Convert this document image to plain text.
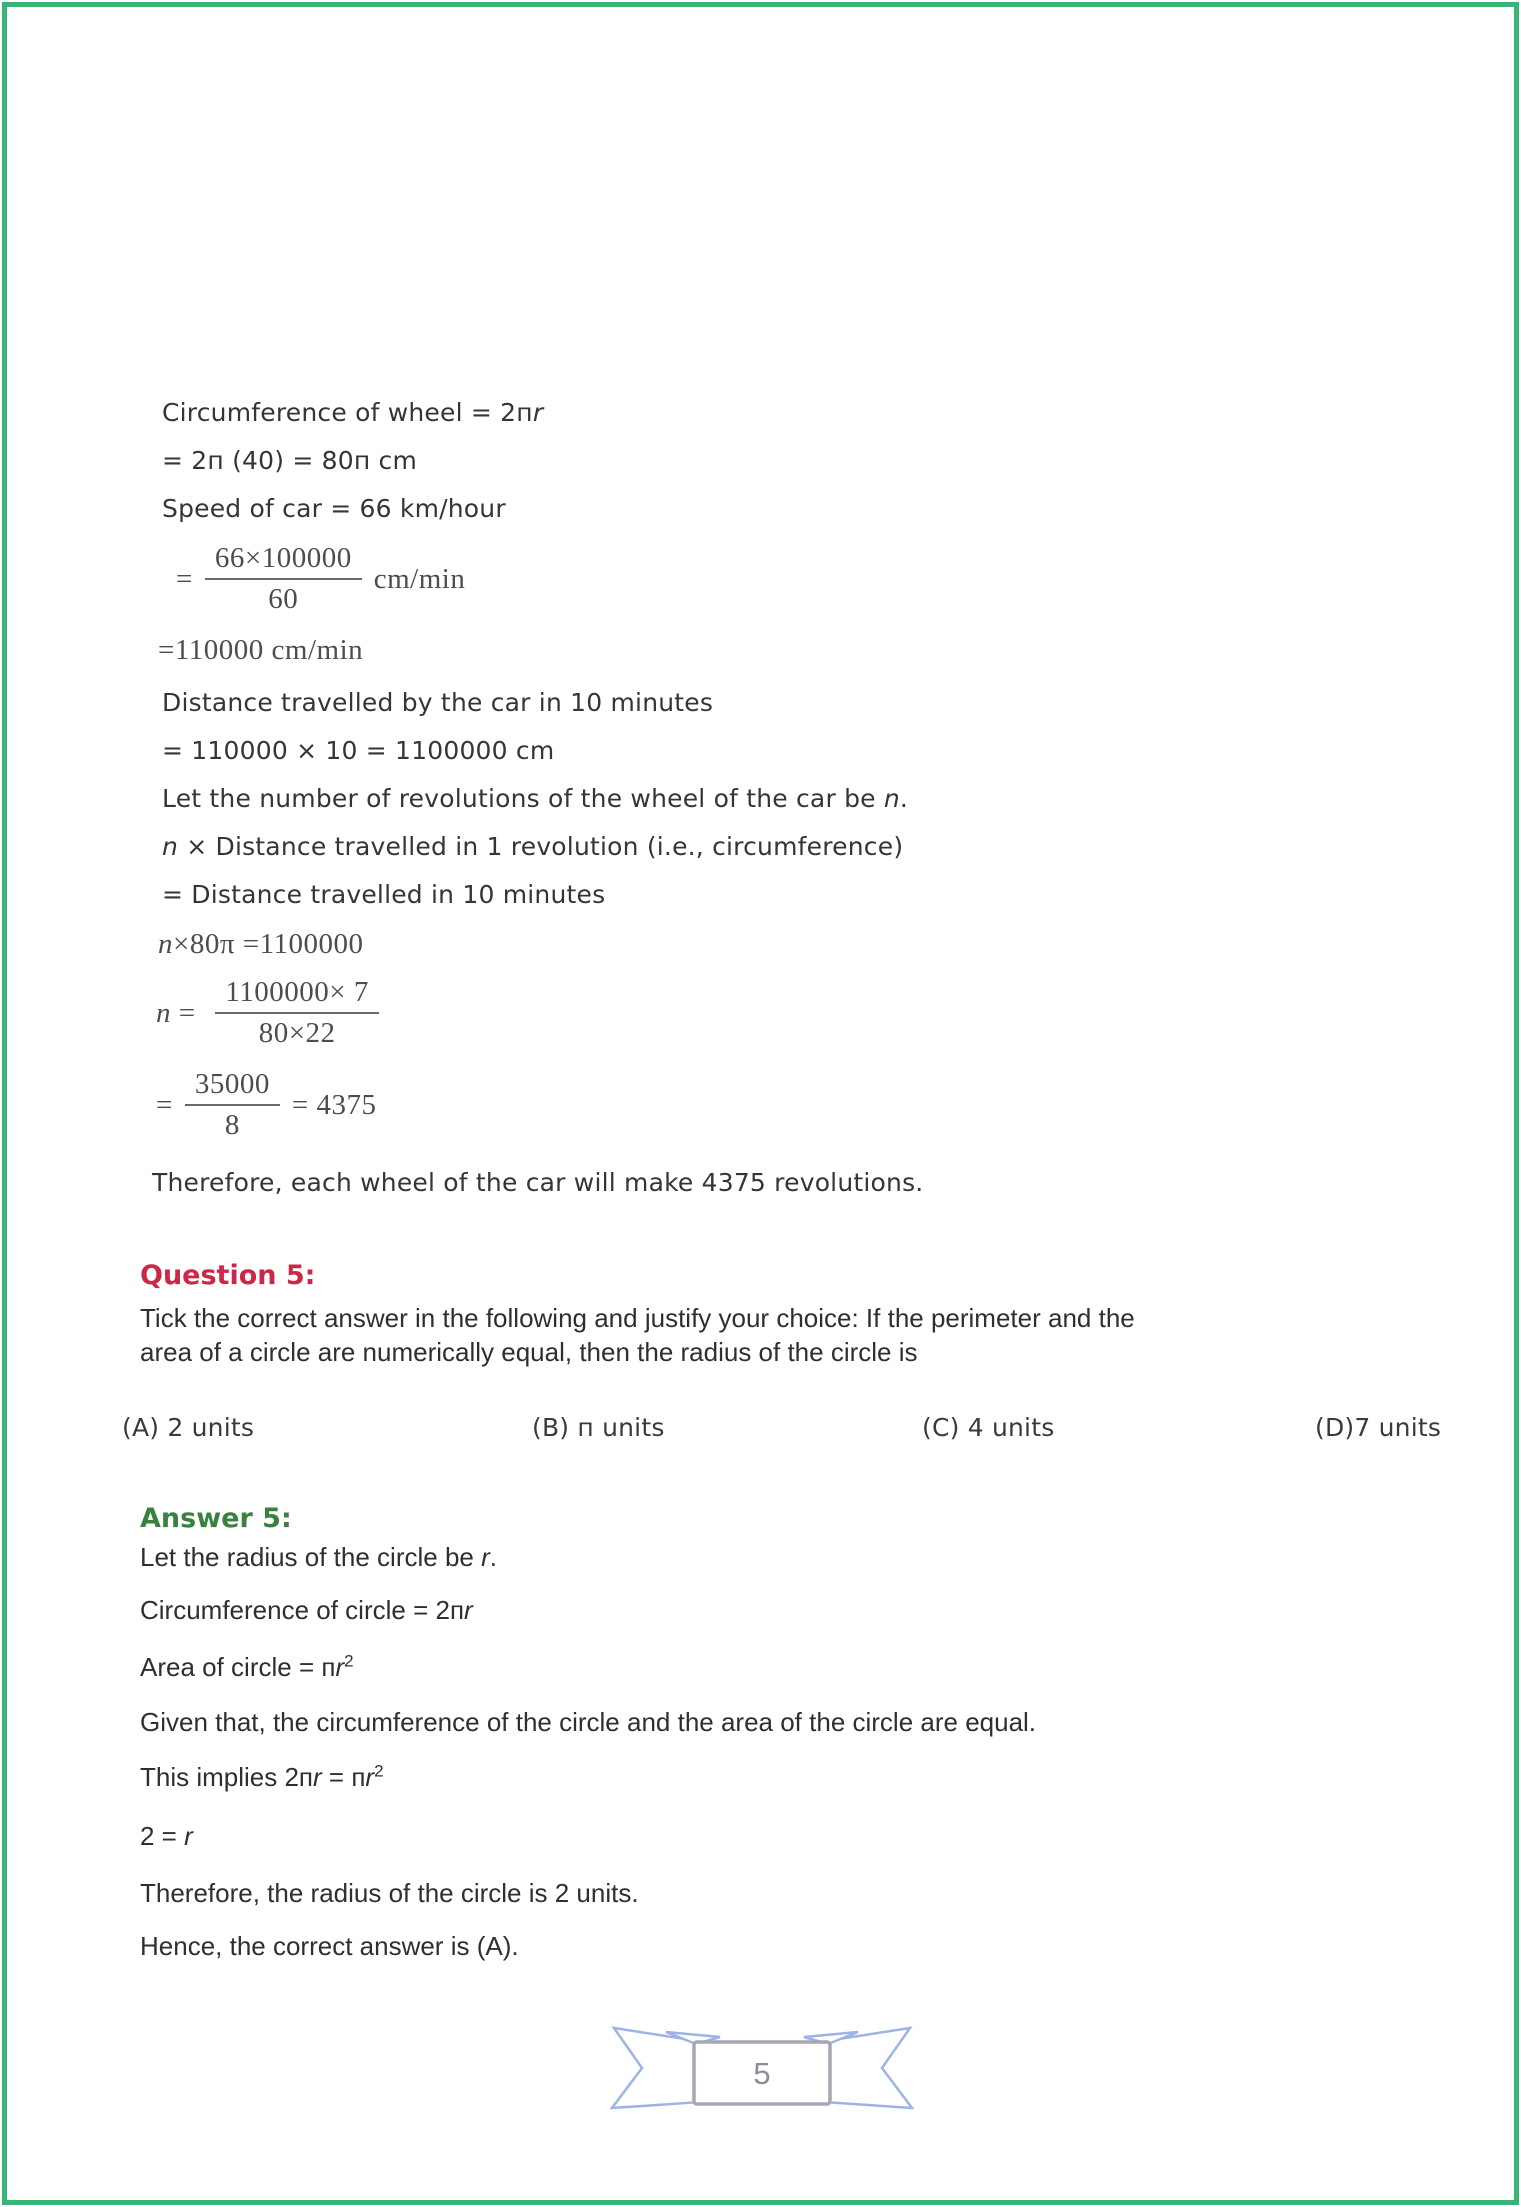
Circumference of wheel = 2пr
= 2п (40) = 80п cm
Speed of car = 66 km/hour
= $\frac{66\times 100000}{60} cm/\min$
=110000 cm/min
Distance travelled by the car in 10 minutes
= 110000 × 10 = 1100000 cm
Let the number of revolutions of the wheel of the car be n.
n × Distance travelled in 1 revolution (i.e., circumference)
= Distance travelled in 10 minutes
n×80π =1100000
$n = \frac{1100000\times 7}{80\times 22}$
= $\frac{35000}{8} = 4375$
Therefore, each wheel of the car will make 4375 revolutions.
Question 5:
Tick the correct answer in the following and justify your choice: If the perimeter and the
area of a circle are numerically equal, then the radius of the circle is
(A) 2 units	(B) п units	(C) 4 units	(D)7 units
Answer 5:
Let the radius of the circle be r.
Circumference of circle = 2пr
Area of circle = $пr^2$
Given that, the circumference of the circle and the area of the circle are equal.
This implies $2пr = пr^2$
2 = r
Therefore, the radius of the circle is 2 units.
Hence, the correct answer is (A).
5
